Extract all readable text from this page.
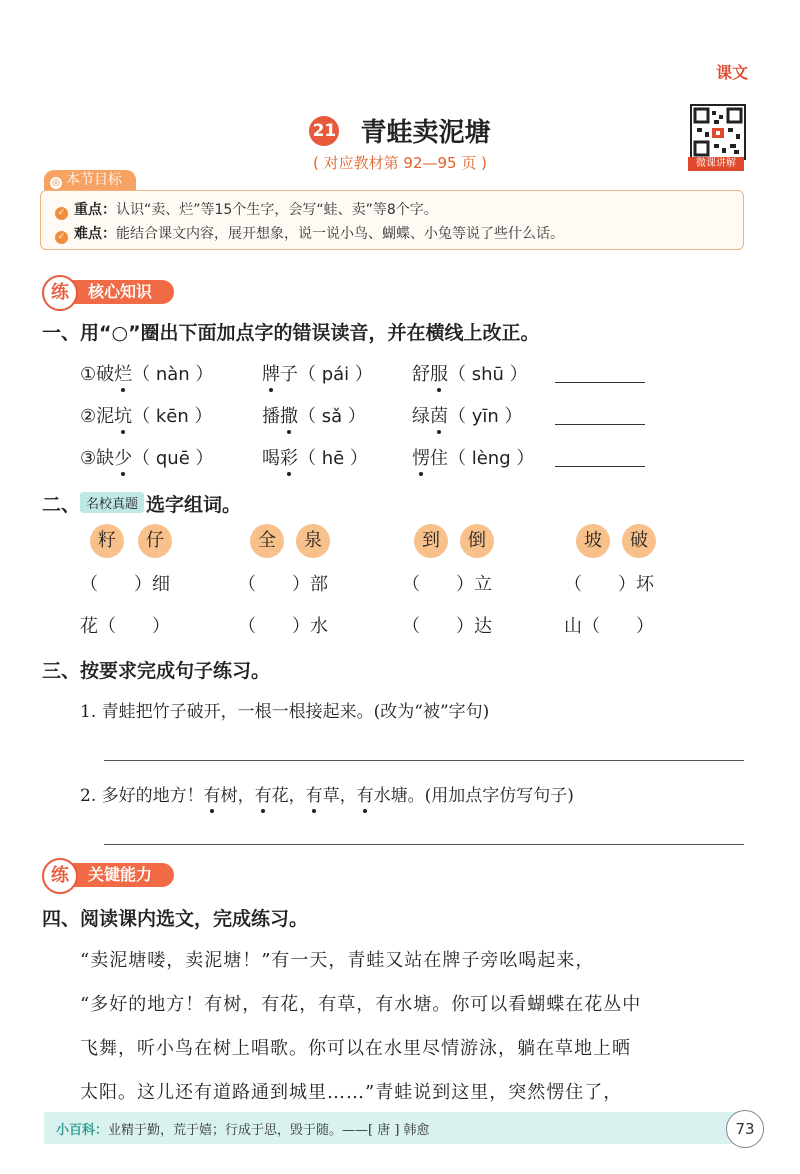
课文
21 青蛙卖泥塘
( 对应教材第 92—95 页 )	微课讲解
◎ 本节目标
✓ 重点：认识“卖、烂”等15个生字，会写“蛙、卖”等8个字。
✓ 难点：能结合课文内容，展开想象，说一说小鸟、蝴蝶、小兔等说了些什么话。
核心知识
练
一、用“○”圈出下面加点字的错误读音，并在横线上改正。
①破烂（ nàn ）	牌子（ pái ） 舒服（ shū ）
②泥坑（ kēn ）	播撒（ sǎ ）	绿茵（ yīn ）
③缺少（ quē ）	喝彩（ hē ） 愣住（ lèng ）
二、 名校真题 选字组词。
籽	仔	全	泉	到	倒	坡	破
（　　）细	（　　）部	（　　）立	（　　）坏
花（　　）	（　　）水	（　　）达	山（　　）
三、按要求完成句子练习。
1. 青蛙把竹子破开，一根一根接起来。(改为“被”字句)
2. 多好的地方！有树，有花，有草，有水塘。(用加点字仿写句子)
关键能力
练
四、阅读课内选文，完成练习。
“卖泥塘喽，卖泥塘！”有一天，青蛙又站在牌子旁吆喝起来，
“多好的地方！有树，有花，有草，有水塘。你可以看蝴蝶在花丛中
飞舞，听小鸟在树上唱歌。你可以在水里尽情游泳，躺在草地上晒
太阳。这儿还有道路通到城里……”青蛙说到这里，突然愣住了，
小百科：业精于勤，荒于嬉；行成于思，毁于随。——[ 唐 ] 韩愈	73
